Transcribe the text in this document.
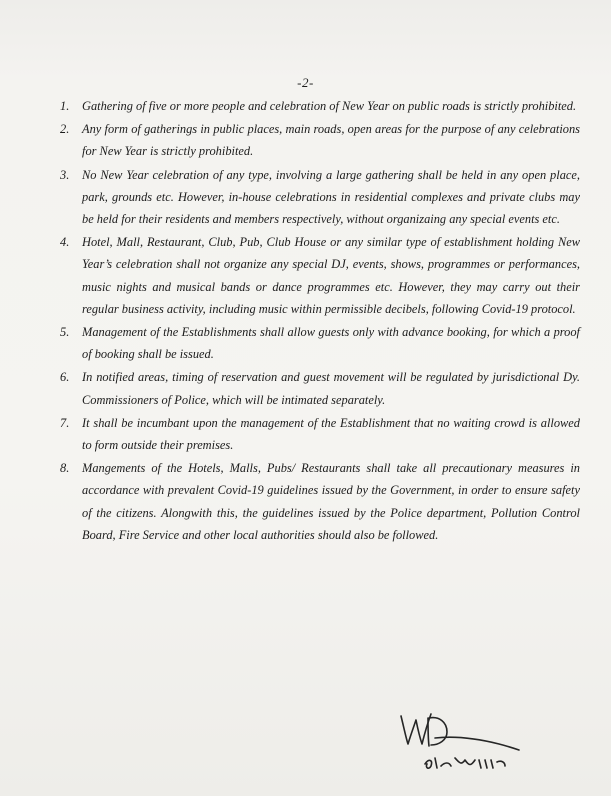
-2-
1. Gathering of five or more people and celebration of New Year on public roads is strictly prohibited.
2. Any form of gatherings in public places, main roads, open areas for the purpose of any celebrations for New Year is strictly prohibited.
3. No New Year celebration of any type, involving a large gathering shall be held in any open place, park, grounds etc. However, in-house celebrations in residential complexes and private clubs may be held for their residents and members respectively, without organizaing any special events etc.
4. Hotel, Mall, Restaurant, Club, Pub, Club House or any similar type of establishment holding New Year’s celebration shall not organize any special DJ, events, shows, programmes or performances, music nights and musical bands or dance programmes etc. However, they may carry out their regular business activity, including music within permissible decibels, following Covid-19 protocol.
5. Management of the Establishments shall allow guests only with advance booking, for which a proof of booking shall be issued.
6. In notified areas, timing of reservation and guest movement will be regulated by jurisdictional Dy. Commissioners of Police, which will be intimated separately.
7. It shall be incumbant upon the management of the Establishment that no waiting crowd is allowed to form outside their premises.
8. Mangements of the Hotels, Malls, Pubs/ Restaurants shall take all precautionary measures in accordance with prevalent Covid-19 guidelines issued by the Government, in order to ensure safety of the citizens. Alongwith this, the guidelines issued by the Police department, Pollution Control Board, Fire Service and other local authorities should also be followed.
